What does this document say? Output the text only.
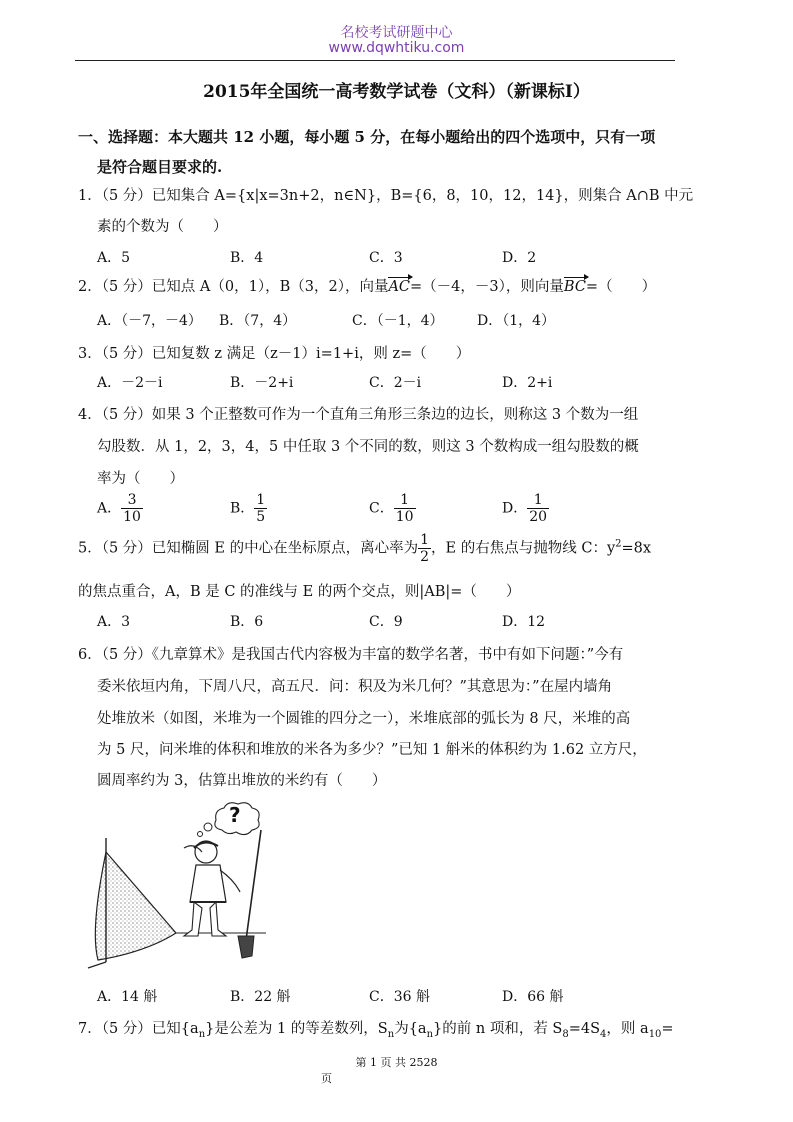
名校考试研题中心
www.dqwhtiku.com
2015年全国统一高考数学试卷（文科）（新课标Ⅰ）
一、选择题：本大题共 12 小题，每小题 5 分，在每小题给出的四个选项中，只有一项
是符合题目要求的.
1．（5 分）已知集合 A={x|x=3n+2，n∈N}，B={6，8，10，12，14}，则集合 A∩B 中元
素的个数为（　　）
A．5	B．4	C．3	D．2
2．（5 分）已知点 A（0，1），B（3，2），向量AC=（－4，－3），则向量BC=（　　）
A．（－7，－4） B．（7，4）	C．（－1，4） D．（1，4）
3．（5 分）已知复数 z 满足（z－1）i=1+i，则 z=（　　）
A．－2－i	B．－2+i	C．2－i	D．2+i
4．（5 分）如果 3 个正整数可作为一个直角三角形三条边的边长，则称这 3 个数为一组
勾股数．从 1，2，3，4，5 中任取 3 个不同的数，则这 3 个数构成一组勾股数的概
率为（　　）
A． $\frac{3}{10}$	B． $\frac{1}{5}$	C． $\frac{1}{10}$	D． $\frac{1}{20}$
5．（5 分）已知椭圆 E 的中心在坐标原点，离心率为 $\frac{1}{2}$ ，E 的右焦点与抛物线 C：$y^2=8x$
的焦点重合，A，B 是 C 的准线与 E 的两个交点，则|AB|=（　　）
A．3	B．6	C．9	D．12
6．（5 分）《九章算术》是我国古代内容极为丰富的数学名著，书中有如下问题：”今有
委米依垣内角，下周八尺，高五尺．问：积及为米几何？”其意思为：”在屋内墙角
处堆放米（如图，米堆为一个圆锥的四分之一），米堆底部的弧长为 8 尺，米堆的高
为 5 尺，问米堆的体积和堆放的米各为多少？”已知 1 斛米的体积约为 1.62 立方尺，
圆周率约为 3，估算出堆放的米约有（　　）
?
A．14 斛	B．22 斛	C．36 斛	D．66 斛
7．（5 分）已知$\{a_n\}$是公差为 1 的等差数列，$S_n$为$\{a_n\}$的前 n 项和，若 $S_8=4S_4$，则 $a_{10}=$
第 1 页 共 2528
页
